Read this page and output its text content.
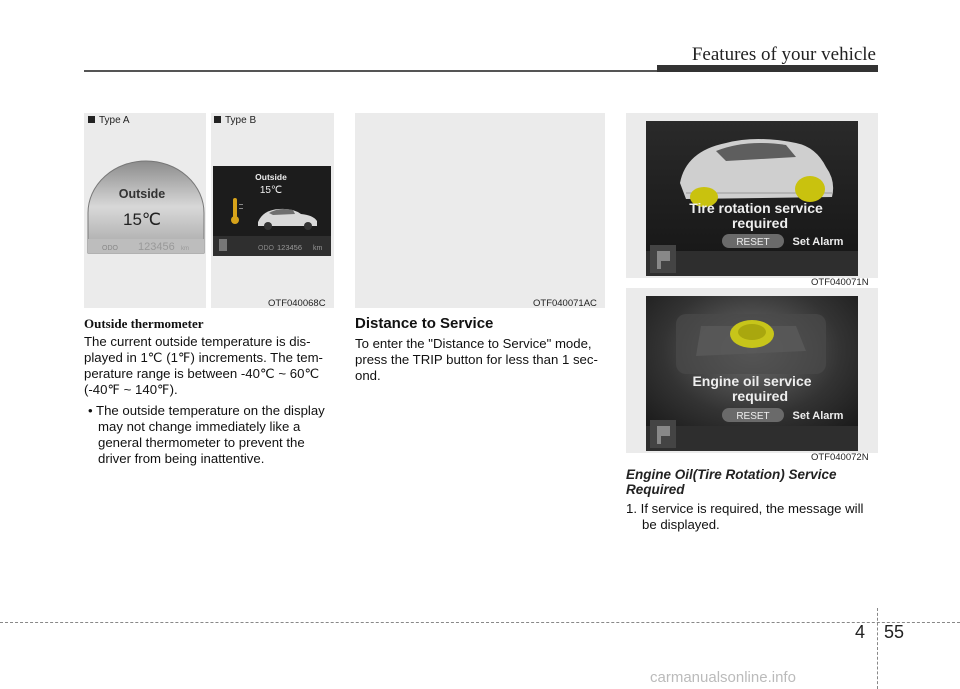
Features of your vehicle
Outside
15℃
ODO 123456 km
Outside
15℃
ODO 123456 km
Type A	Type B
OTF040068C	OTF040071AC
Tire rotation service
required
RESET Set Alarm
OTF040071N
Engine oil service
required
RESET Set Alarm
OTF040072N
Outside thermometer
The current outside temperature is dis-
played in 1℃ (1℉) increments. The tem-
perature range is between -40℃ ~ 60℃
(-40℉ ~ 140℉).
• The outside temperature on the display
may not change immediately like a
general thermometer to prevent the
driver from being inattentive.
Distance to Service
To enter the "Distance to Service" mode,
press the TRIP button for less than 1 sec-
ond.
Engine Oil(Tire Rotation) Service
Required
1. If service is required, the message will
be displayed.
4 55
carmanualsonline.info
